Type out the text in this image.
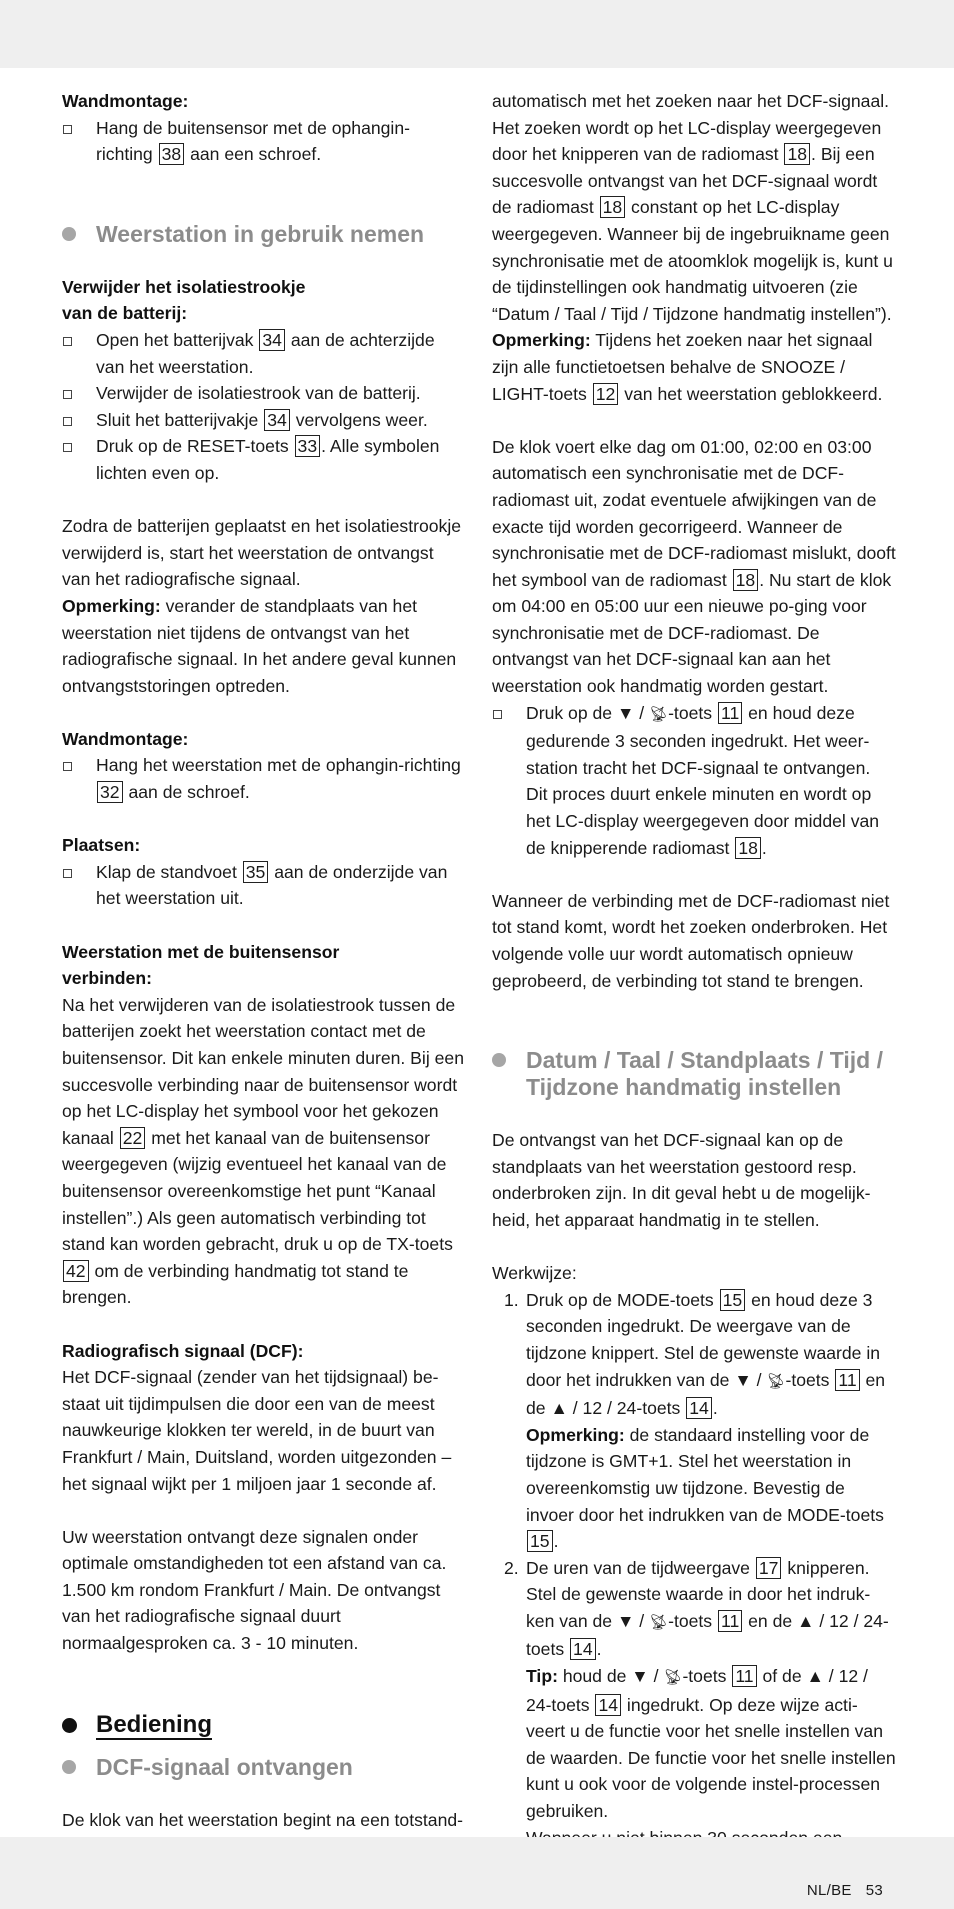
Wandmontage:
Hang de buitensensor met de ophangin-richting 38 aan een schroef.
Weerstation in gebruik nemen
Verwijder het isolatiestrookje
van de batterij:
Open het batterijvak 34 aan de achterzijde van het weerstation.
Verwijder de isolatiestrook van de batterij.
Sluit het batterijvakje 34 vervolgens weer.
Druk op de RESET-toets 33 . Alle symbolen lichten even op.

Zodra de batterijen geplaatst en het isolatiestrookje verwijderd is, start het weerstation de ontvangst van het radiografische signaal.

Opmerking: verander de standplaats van het weerstation niet tijdens de ontvangst van het radiografische signaal. In het andere geval kunnen ontvangststoringen optreden.

Wandmontage:
Hang het weerstation met de ophangin-richting 32 aan de schroef.
Plaatsen:
Klap de standvoet 35 aan de onderzijde van het weerstation uit.
Weerstation met de buitensensor
verbinden:

Na het verwijderen van de isolatiestrook tussen de batterijen zoekt het weerstation contact met de buitensensor. Dit kan enkele minuten duren. Bij een succesvolle verbinding naar de buitensensor wordt op het LC-display het symbool voor het gekozen kanaal 22 met het kanaal van de buitensensor weergegeven (wijzig eventueel het kanaal van de buitensensor overeenkomstige het punt “Kanaal instellen”.) Als geen automatisch verbinding tot stand kan worden gebracht, druk u op de TX-toets 42 om de verbinding handmatig tot stand te brengen.

Radiografisch signaal (DCF):

Het DCF-signaal (zender van het tijdsignaal) be-staat uit tijdimpulsen die door een van de meest nauwkeurige klokken ter wereld, in de buurt van Frankfurt / Main, Duitsland, worden uitgezonden – het signaal wijkt per 1 miljoen jaar 1 seconde af.

Uw weerstation ontvangt deze signalen onder optimale omstandigheden tot een afstand van ca. 1.500 km rondom Frankfurt / Main. De ontvangst van het radiografische signaal duurt normaalgesproken ca. 3 - 10 minuten.

Bediening
DCF-signaal ontvangen

De klok van het weerstation begint na een totstand-

automatisch met het zoeken naar het DCF-signaal. Het zoeken wordt op het LC-display weergegeven door het knipperen van de radiomast 18 . Bij een succesvolle ontvangst van het DCF-signaal wordt de radiomast 18 constant op het LC-display weergegeven. Wanneer bij de ingebruikname geen synchronisatie met de atoomklok mogelijk is, kunt u de tijdinstellingen ook handmatig uitvoeren (zie “Datum / Taal / Tijd / Tijdzone handmatig instellen”).
Opmerking: Tijdens het zoeken naar het signaal zijn alle functietoetsen behalve de SNOOZE / LIGHT-toets 12 van het weerstation geblokkeerd.

De klok voert elke dag om 01:00, 02:00 en 03:00 automatisch een synchronisatie met de DCF-radiomast uit, zodat eventuele afwijkingen van de exacte tijd worden gecorrigeerd. Wanneer de synchronisatie met de DCF-radiomast mislukt, dooft het symbool van de radiomast 18 . Nu start de klok om 04:00 en 05:00 uur een nieuwe po-ging voor synchronisatie met de DCF-radiomast. De ontvangst van het DCF-signaal kan aan het weerstation ook handmatig worden gestart.

Druk op de ▼ / 📡︎-toets 11 en houd deze gedurende 3 seconden ingedrukt. Het weer-station tracht het DCF-signaal te ontvangen. Dit proces duurt enkele minuten en wordt op het LC-display weergegeven door middel van de knipperende radiomast 18 .

Wanneer de verbinding met de DCF-radiomast niet tot stand komt, wordt het zoeken onderbroken. Het volgende volle uur wordt automatisch opnieuw geprobeerd, de verbinding tot stand te brengen.

Datum / Taal / Standplaats / Tijd /
Tijdzone handmatig instellen

De ontvangst van het DCF-signaal kan op de standplaats van het weerstation gestoord resp. onderbroken zijn. In dit geval hebt u de mogelijk-heid, het apparaat handmatig in te stellen.

Werkwijze:

1. Druk op de MODE-toets 15 en houd deze 3 seconden ingedrukt. De weergave van de tijdzone knippert. Stel de gewenste waarde in door het indrukken van de ▼ / 📡︎-toets 11 en de ▲ / 12 / 24-toets 14 .
Opmerking: de standaard instelling voor de tijdzone is GMT+1. Stel het weerstation in overeenkomstig uw tijdzone. Bevestig de invoer door het indrukken van de MODE-toets 15 .
2. De uren van de tijdweergave 17 knipperen. Stel de gewenste waarde in door het indruk-ken van de ▼ / 📡︎-toets 11 en de ▲ / 12 / 24-toets 14 .
Tip: houd de ▼ / 📡︎-toets 11 of de ▲ / 12 / 24-toets 14 ingedrukt. Op deze wijze acti-veert u de functie voor het snelle instellen van de waarden. De functie voor het snelle instellen kunt u ook voor de volgende instel-processen gebruiken.

NL/BE 53
